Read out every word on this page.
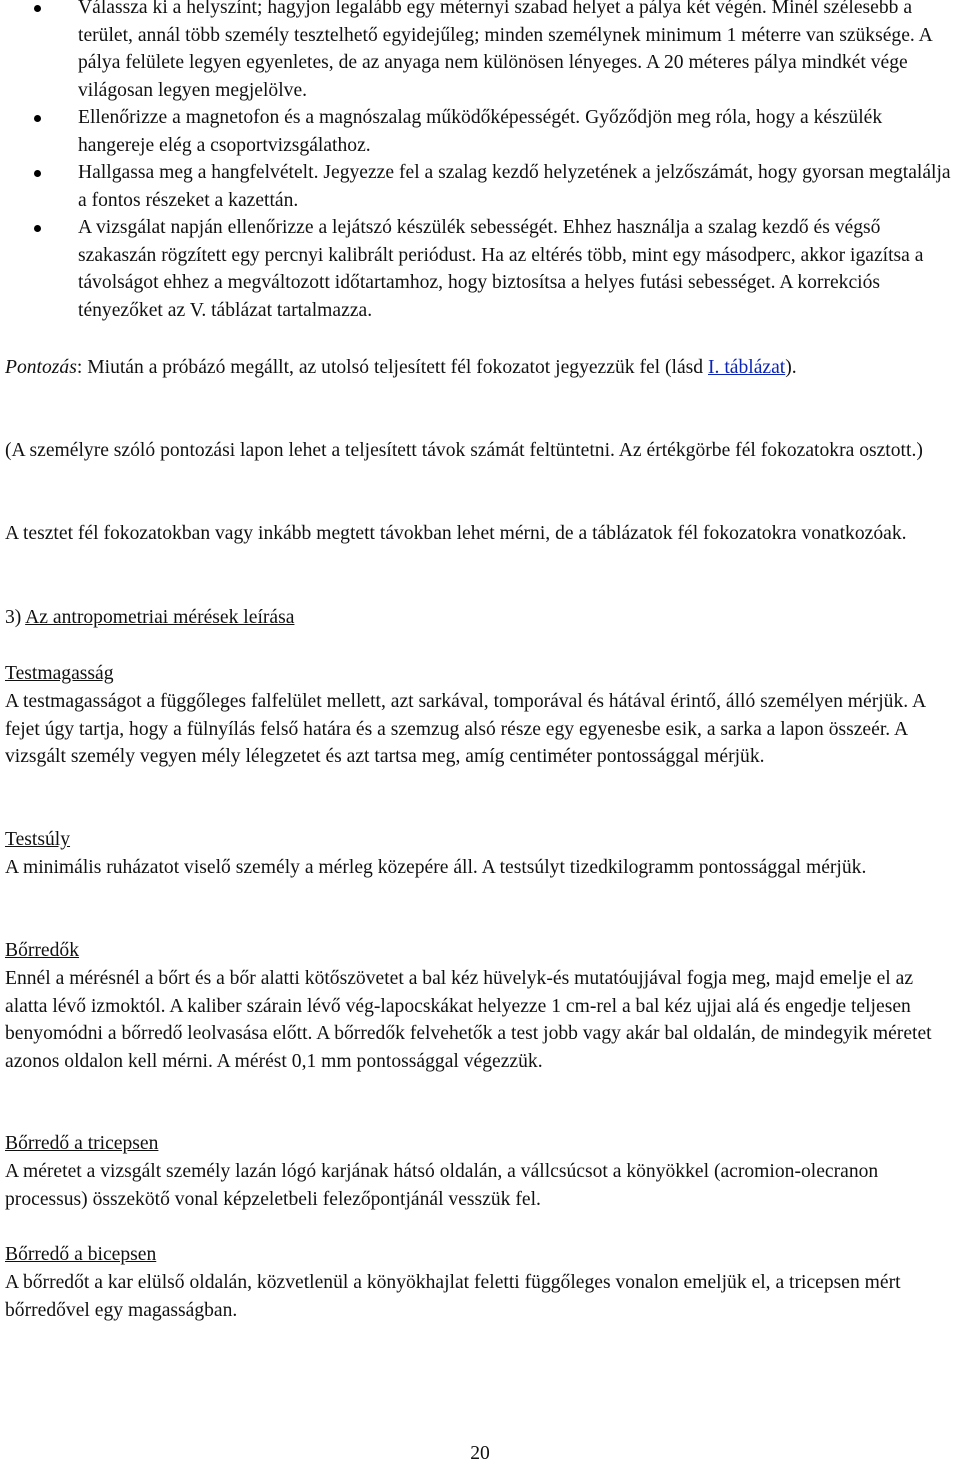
Válassza ki a helyszínt; hagyjon legalább egy méternyi szabad helyet a pálya két végén. Minél szélesebb a terület, annál több személy tesztelhető egyidejűleg; minden személynek minimum 1 méterre van szüksége. A pálya felülete legyen egyenletes, de az anyaga nem különösen lényeges. A 20 méteres pálya mindkét vége világosan legyen megjelölve.
Ellenőrizze a magnetofon és a magnószalag működőképességét. Győződjön meg róla, hogy a készülék hangereje elég a csoportvizsgálathoz.
Hallgassa meg a hangfelvételt. Jegyezze fel a szalag kezdő helyzetének a jelzőszámát, hogy gyorsan megtalálja a fontos részeket a kazettán.
A vizsgálat napján ellenőrizze a lejátszó készülék sebességét. Ehhez használja a szalag kezdő és végső szakaszán rögzített egy percnyi kalibrált periódust. Ha az eltérés több, mint egy másodperc, akkor igazítsa a távolságot ehhez a megváltozott időtartamhoz, hogy biztosítsa a helyes futási sebességet. A korrekciós tényezőket az V. táblázat tartalmazza.

Pontozás: Miután a próbázó megállt, az utolsó teljesített fél fokozatot jegyezzük fel (lásd I. táblázat).

(A személyre szóló pontozási lapon lehet a teljesített távok számát feltüntetni. Az értékgörbe fél fokozatokra osztott.)

A tesztet fél fokozatokban vagy inkább megtett távokban lehet mérni, de a táblázatok fél fokozatokra vonatkozóak.

3) Az antropometriai mérések leírása

Testmagasság

A testmagasságot a függőleges falfelület mellett, azt sarkával, tomporával és hátával érintő, álló személyen mérjük. A fejet úgy tartja, hogy a fülnyílás felső határa és a szemzug alsó része egy egyenesbe esik, a sarka a lapon összeér. A vizsgált személy vegyen mély lélegzetet és azt tartsa meg, amíg centiméter pontossággal mérjük.

Testsúly

A minimális ruházatot viselő személy a mérleg közepére áll. A testsúlyt tizedkilogramm pontossággal mérjük.

Bőrredők

Ennél a mérésnél a bőrt és a bőr alatti kötőszövetet a bal kéz hüvelyk-és mutatóujjával fogja meg, majd emelje el az alatta lévő izmoktól. A kaliber szárain lévő vég-lapocskákat helyezze 1 cm-rel a bal kéz ujjai alá és engedje teljesen benyomódni a bőrredő leolvasása előtt. A bőrredők felvehetők a test jobb vagy akár bal oldalán, de mindegyik méretet azonos oldalon kell mérni. A mérést 0,1 mm pontossággal végezzük.

Bőrredő a tricepsen

A méretet a vizsgált személy lazán lógó karjának hátsó oldalán, a vállcsúcsot a könyökkel (acromion-olecranon processus) összekötő vonal képzeletbeli felezőpontjánál vesszük fel.

Bőrredő a bicepsen

A bőrredőt a kar elülső oldalán, közvetlenül a könyökhajlat feletti függőleges vonalon emeljük el, a tricepsen mért bőrredővel egy magasságban.

20
